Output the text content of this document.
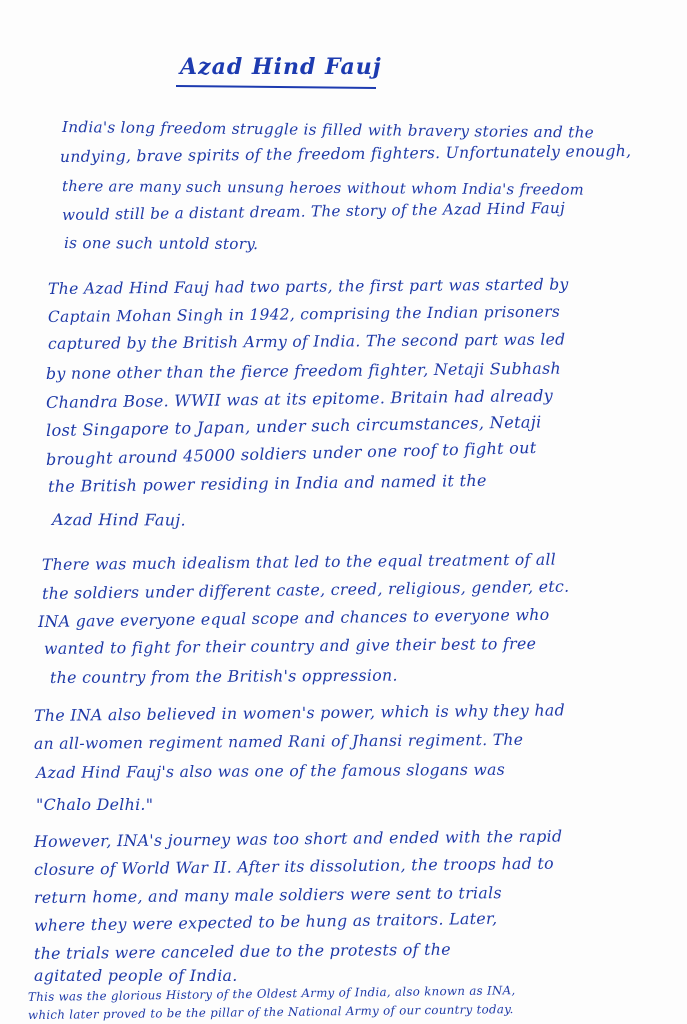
Azad Hind Fauj
India's long freedom struggle is filled with bravery stories and the
undying, brave spirits of the freedom fighters. Unfortunately enough,
there are many such unsung heroes without whom India's freedom
would still be a distant dream. The story of the Azad Hind Fauj
is one such untold story.
The Azad Hind Fauj had two parts, the first part was started by
Captain Mohan Singh in 1942, comprising the Indian prisoners
captured by the British Army of India. The second part was led
by none other than the fierce freedom fighter, Netaji Subhash
Chandra Bose. WWII was at its epitome. Britain had already
lost Singapore to Japan, under such circumstances, Netaji
brought around 45000 soldiers under one roof to fight out
the British power residing in India and named it the
Azad Hind Fauj.
There was much idealism that led to the equal treatment of all
the soldiers under different caste, creed, religious, gender, etc.
INA gave everyone equal scope and chances to everyone who
wanted to fight for their country and give their best to free
the country from the British's oppression.
The INA also believed in women's power, which is why they had
an all-women regiment named Rani of Jhansi regiment. The
Azad Hind Fauj's also was one of the famous slogans was
"Chalo Delhi."
However, INA's journey was too short and ended with the rapid
closure of World War II. After its dissolution, the troops had to
return home, and many male soldiers were sent to trials
where they were expected to be hung as traitors. Later,
the trials were canceled due to the protests of the
agitated people of India.
This was the glorious History of the Oldest Army of India, also known as INA,
which later proved to be the pillar of the National Army of our country today.
